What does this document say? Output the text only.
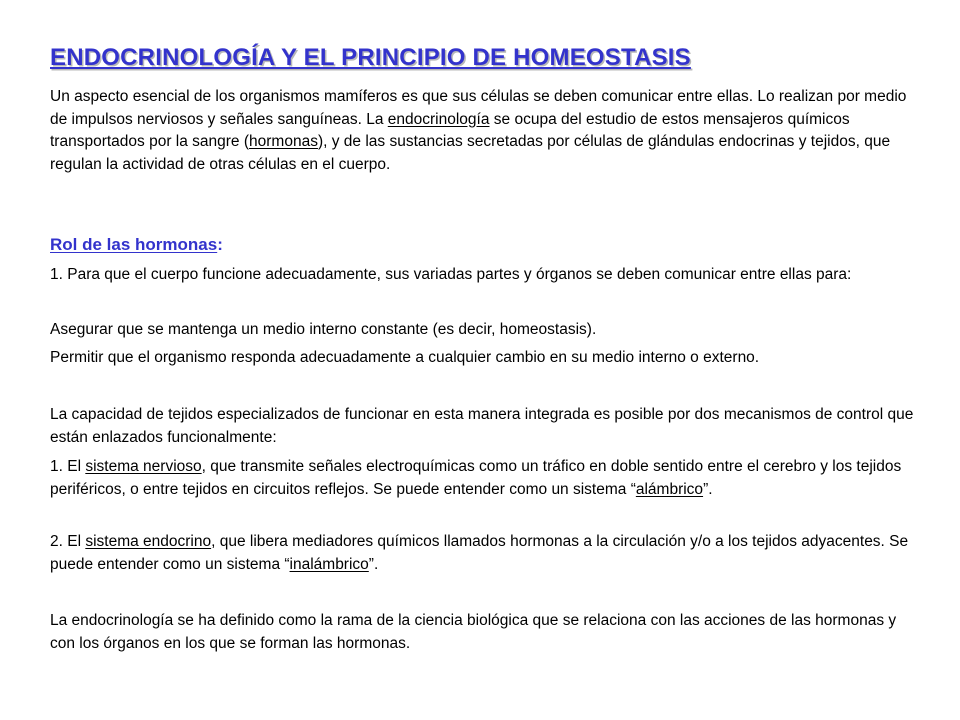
ENDOCRINOLOGÍA Y EL PRINCIPIO DE HOMEOSTASIS

Un aspecto esencial de los organismos mamíferos es que sus células se deben comunicar entre ellas. Lo realizan por medio de impulsos nerviosos y señales sanguíneas. La endocrinología se ocupa del estudio de estos mensajeros químicos transportados por la sangre (hormonas), y de las sustancias secretadas por células de glándulas endocrinas y tejidos, que regulan la actividad de otras células en el cuerpo.

Rol de las hormonas:

1. Para que el cuerpo funcione adecuadamente, sus variadas partes y órganos se deben comunicar entre ellas para:

Asegurar que se mantenga un medio interno constante (es decir, homeostasis).

Permitir que el organismo responda adecuadamente a cualquier cambio en su medio interno o externo.

La capacidad de tejidos especializados de funcionar en esta manera integrada es posible por dos mecanismos de control que están enlazados funcionalmente:

1. El sistema nervioso, que transmite señales electroquímicas como un tráfico en doble sentido entre el cerebro y los tejidos periféricos, o entre tejidos en circuitos reflejos. Se puede entender como un sistema “alámbrico”.

2. El sistema endocrino, que libera mediadores químicos llamados hormonas a la circulación y/o a los tejidos adyacentes. Se puede entender como un sistema “inalámbrico”.

La endocrinología se ha definido como la rama de la ciencia biológica que se relaciona con las acciones de las hormonas y con los órganos en los que se forman las hormonas.
